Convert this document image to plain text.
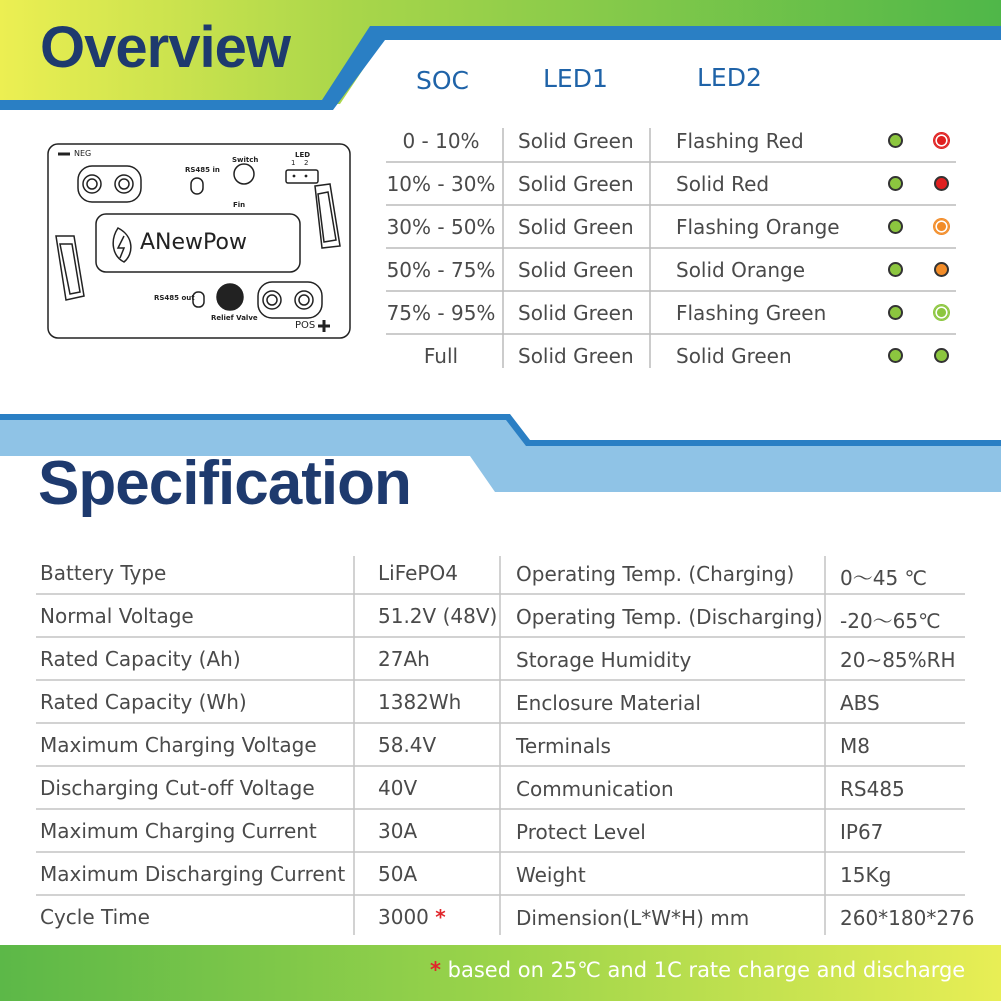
Overview
NEG
RS485 in
Switch
LED
1 2
Fin
ANewPow
RS485 out
Relief Valve
POS
SOC	LED1	LED2
0 - 10%	Solid Green Flashing Red
10% - 30% Solid Green Solid Red
30% - 50% Solid Green Flashing Orange
50% - 75% Solid Green Solid Orange
75% - 95% Solid Green Flashing Green
Full	Solid Green Solid Green
Specification
Battery Type	LiFePO4
Normal Voltage	51.2V (48V)
Rated Capacity (Ah)	27Ah
Rated Capacity (Wh)	1382Wh
Maximum Charging Voltage	58.4V
Discharging Cut-off Voltage	40V
Maximum Charging Current	30A
Maximum Discharging Current 50A
Cycle Time	3000 *
Operating Temp. (Charging) 0～45 ℃
Operating Temp. (Discharging) -20～65℃
Storage Humidity	20~85%RH
Enclosure Material	ABS
Terminals	M8
Communication	RS485
Protect Level	IP67
Weight	15Kg
Dimension(L*W*H) mm	260*180*276
* based on 25℃ and 1C rate charge and discharge
